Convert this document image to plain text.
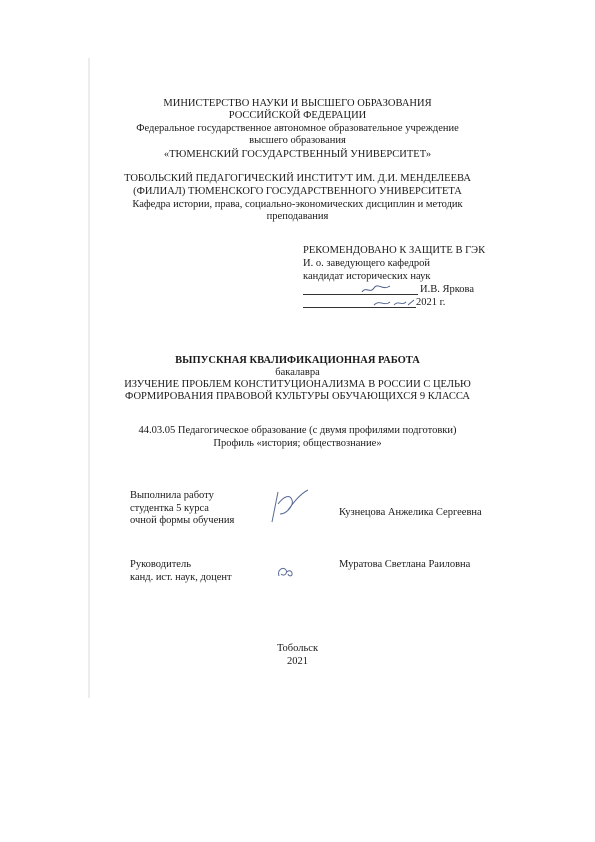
МИНИСТЕРСТВО НАУКИ И ВЫСШЕГО ОБРАЗОВАНИЯ
РОССИЙСКОЙ ФЕДЕРАЦИИ
Федеральное государственное автономное образовательное учреждение
высшего образования
«ТЮМЕНСКИЙ ГОСУДАРСТВЕННЫЙ УНИВЕРСИТЕТ»
ТОБОЛЬСКИЙ ПЕДАГОГИЧЕСКИЙ ИНСТИТУТ ИМ. Д.И. МЕНДЕЛЕЕВА
(ФИЛИАЛ) ТЮМЕНСКОГО ГОСУДАРСТВЕННОГО УНИВЕРСИТЕТА
Кафедра истории, права, социально-экономических дисциплин и методик
преподавания
РЕКОМЕНДОВАНО К ЗАЩИТЕ В ГЭК
И. о. заведующего кафедрой
кандидат исторических наук
И.В. Яркова
2021 г.
ВЫПУСКНАЯ КВАЛИФИКАЦИОННАЯ РАБОТА
бакалавра
ИЗУЧЕНИЕ ПРОБЛЕМ КОНСТИТУЦИОНАЛИЗМА В РОССИИ С ЦЕЛЬЮ
ФОРМИРОВАНИЯ ПРАВОВОЙ КУЛЬТУРЫ ОБУЧАЮЩИХСЯ 9 КЛАССА
44.03.05 Педагогическое образование (с двумя профилями подготовки)
Профиль «история; обществознание»
Выполнила работу
студентка 5 курса
очной формы обучения
Кузнецова Анжелика Сергеевна
Руководитель
канд. ист. наук, доцент
Муратова Светлана Раиловна
Тобольск
2021
